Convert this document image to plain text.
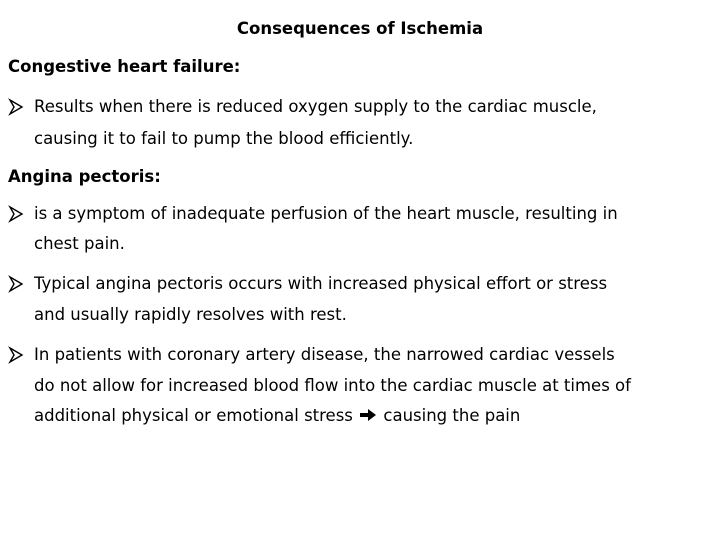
Consequences of Ischemia
Congestive heart failure:
Results when there is reduced oxygen supply to the cardiac muscle,
causing it to fail to pump the blood efficiently.
Angina pectoris:
is a symptom of inadequate perfusion of the heart muscle, resulting in
chest pain.
Typical angina pectoris occurs with increased physical effort or stress
and usually rapidly resolves with rest.
In patients with coronary artery disease, the narrowed cardiac vessels
do not allow for increased blood flow into the cardiac muscle at times of
additional physical or emotional stress causing the pain
